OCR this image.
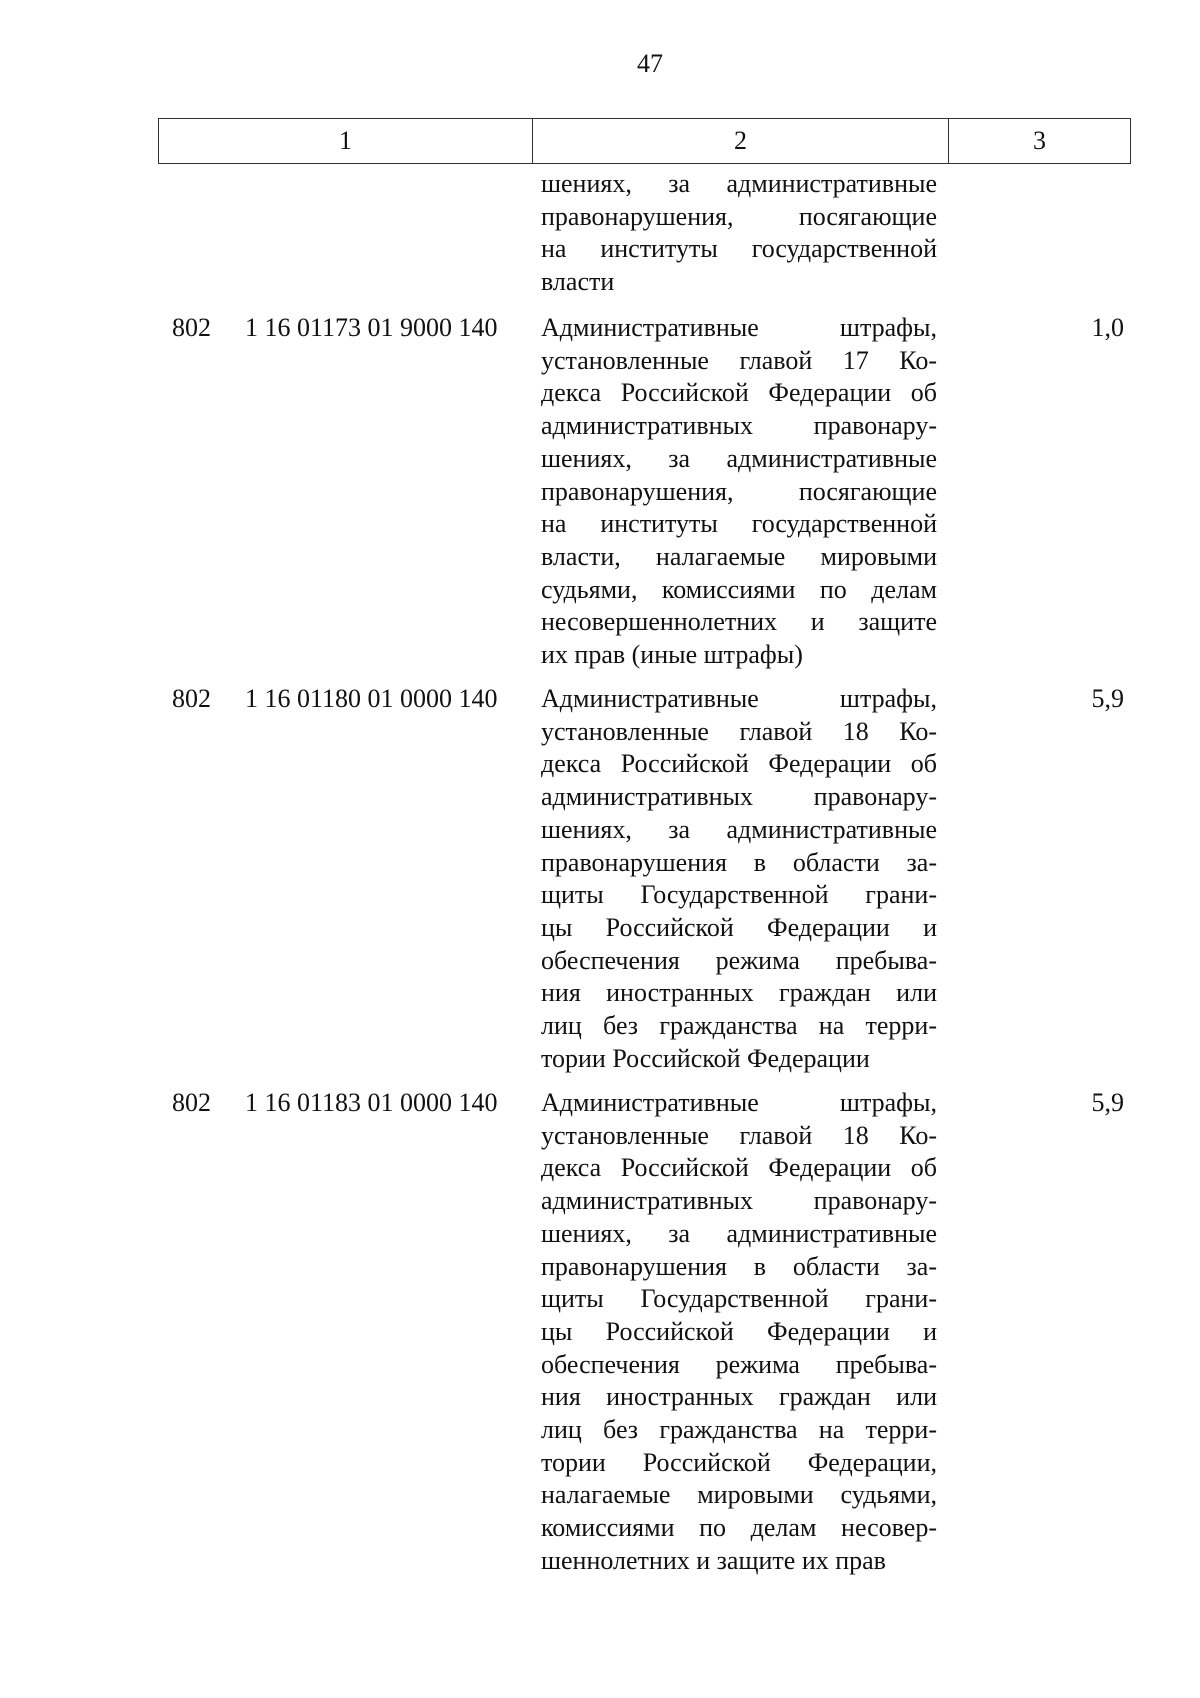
47
1	2	3
шениях, за административные
правонарушения, посягающие
на институты государственной
власти
802 1 16 01173 01 9000 140 Административные штрафы,
установленные главой 17 Ко-
декса Российской Федерации об
административных правонару-
шениях, за административные
правонарушения, посягающие
на институты государственной
власти, налагаемые мировыми
судьями, комиссиями по делам
несовершеннолетних и защите
их прав (иные штрафы)
1,0
802 1 16 01180 01 0000 140 Административные штрафы,
установленные главой 18 Ко-
декса Российской Федерации об
административных правонару-
шениях, за административные
правонарушения в области за-
щиты Государственной грани-
цы Российской Федерации и
обеспечения режима пребыва-
ния иностранных граждан или
лиц без гражданства на терри-
тории Российской Федерации
5,9
802 1 16 01183 01 0000 140 Административные штрафы,
установленные главой 18 Ко-
декса Российской Федерации об
административных правонару-
шениях, за административные
правонарушения в области за-
щиты Государственной грани-
цы Российской Федерации и
обеспечения режима пребыва-
ния иностранных граждан или
лиц без гражданства на терри-
тории Российской Федерации,
налагаемые мировыми судьями,
комиссиями по делам несовер-
шеннолетних и защите их прав
5,9
